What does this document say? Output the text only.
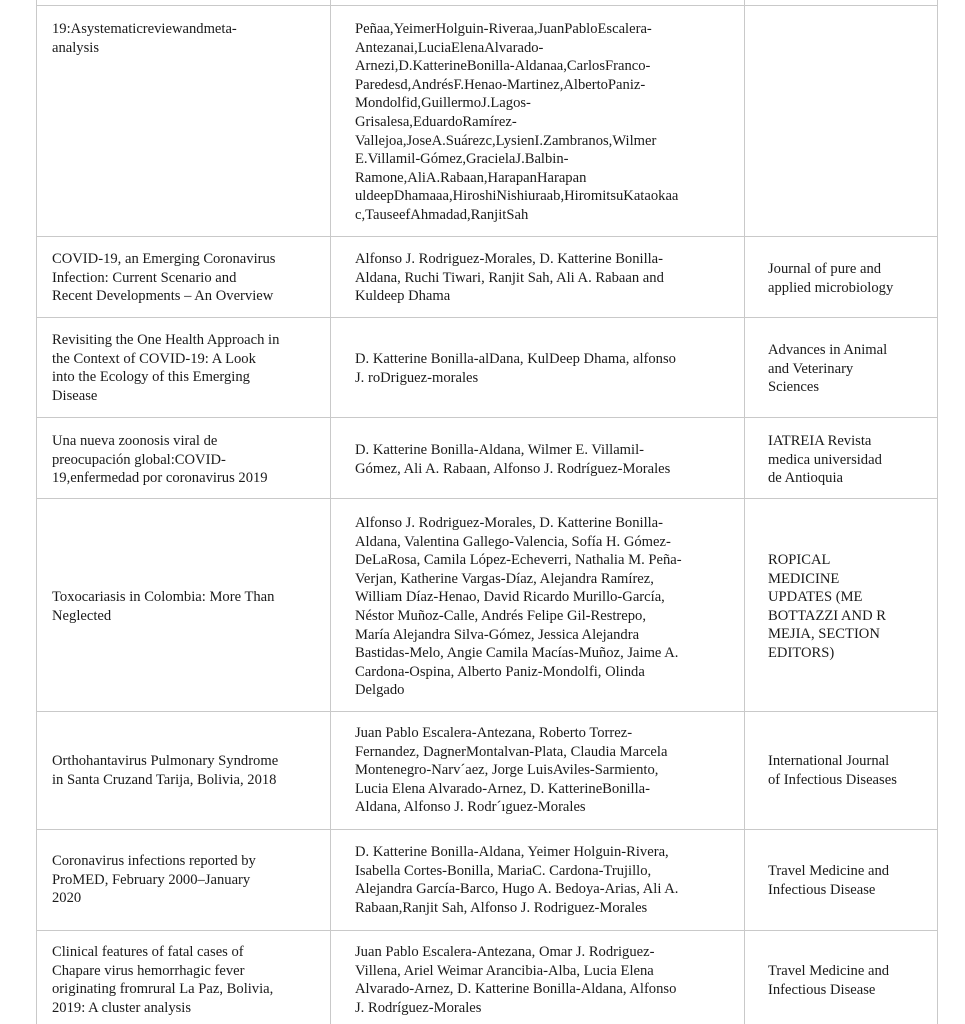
19:Asystematicreviewandmeta-
analysis
Peñaa,YeimerHolguin-Riveraa,JuanPabloEscalera-
Antezanai,LuciaElenaAlvarado-
Arnezi,D.KatterineBonilla-Aldanaa,CarlosFranco-
Paredesd,AndrésF.Henao-Martinez,AlbertoPaniz-
Mondolfid,GuillermoJ.Lagos-
Grisalesa,EduardoRamírez-
Vallejoa,JoseA.Suárezc,LysienI.Zambranos,Wilmer
E.Villamil-Gómez,GracielaJ.Balbin-
Ramone,AliA.Rabaan,HarapanHarapan
uldeepDhamaaa,HiroshiNishiuraab,HiromitsuKataokaa
c,TauseefAhmadad,RanjitSah
COVID-19, an Emerging Coronavirus
Infection: Current Scenario and
Recent Developments – An Overview
Alfonso J. Rodriguez-Morales, D. Katterine Bonilla-
Aldana, Ruchi Tiwari, Ranjit Sah, Ali A. Rabaan and
Kuldeep Dhama
Journal of pure and
applied microbiology
Revisiting the One Health Approach in
the Context of COVID-19: A Look
into the Ecology of this Emerging
Disease
D. Katterine Bonilla-alDana, KulDeep Dhama, alfonso
J. roDriguez-morales
Advances in Animal
and Veterinary
Sciences
Una nueva zoonosis viral de
preocupación global:COVID-
19,enfermedad por coronavirus 2019
D. Katterine Bonilla-Aldana, Wilmer E. Villamil-
Gómez, Ali A. Rabaan, Alfonso J. Rodríguez-Morales
IATREIA Revista
medica universidad
de Antioquia
Toxocariasis in Colombia: More Than
Neglected
Alfonso J. Rodriguez-Morales, D. Katterine Bonilla-
Aldana, Valentina Gallego-Valencia, Sofía H. Gómez-
DeLaRosa, Camila López-Echeverri, Nathalia M. Peña-
Verjan, Katherine Vargas-Díaz, Alejandra Ramírez,
William Díaz-Henao, David Ricardo Murillo-García,
Néstor Muñoz-Calle, Andrés Felipe Gil-Restrepo,
María Alejandra Silva-Gómez, Jessica Alejandra
Bastidas-Melo, Angie Camila Macías-Muñoz, Jaime A.
Cardona-Ospina, Alberto Paniz-Mondolfi, Olinda
Delgado
ROPICAL
MEDICINE
UPDATES (ME
BOTTAZZI AND R
MEJIA, SECTION
EDITORS)
Orthohantavirus Pulmonary Syndrome
in Santa Cruzand Tarija, Bolivia, 2018
Juan Pablo Escalera-Antezana, Roberto Torrez-
Fernandez, DagnerMontalvan-Plata, Claudia Marcela
Montenegro-Narv´aez, Jorge LuisAviles-Sarmiento,
Lucia Elena Alvarado-Arnez, D. KatterineBonilla-
Aldana, Alfonso J. Rodr´ıguez-Morales
International Journal
of Infectious Diseases
Coronavirus infections reported by
ProMED, February 2000–January
2020
D. Katterine Bonilla-Aldana, Yeimer Holguin-Rivera,
Isabella Cortes-Bonilla, MariaC. Cardona-Trujillo,
Alejandra García-Barco, Hugo A. Bedoya-Arias, Ali A.
Rabaan,Ranjit Sah, Alfonso J. Rodriguez-Morales
Travel Medicine and
Infectious Disease
Clinical features of fatal cases of
Chapare virus hemorrhagic fever
originating fromrural La Paz, Bolivia,
2019: A cluster analysis
Juan Pablo Escalera-Antezana, Omar J. Rodriguez-
Villena, Ariel Weimar Arancibia-Alba, Lucia Elena
Alvarado-Arnez, D. Katterine Bonilla-Aldana, Alfonso
J. Rodríguez-Morales
Travel Medicine and
Infectious Disease
